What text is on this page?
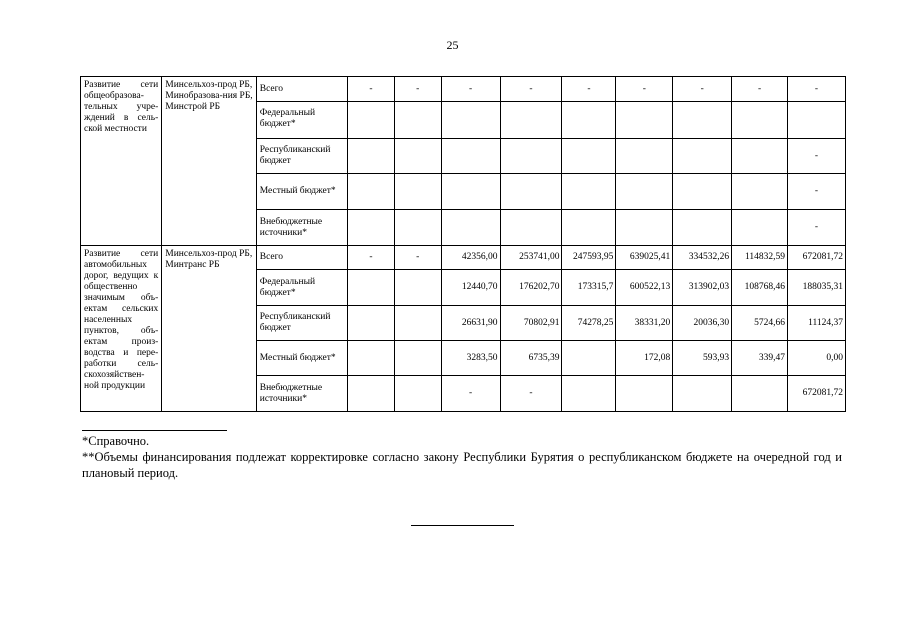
25
Развитие сети общеобразова-тельных учре-ждений в сель-ской местности	Минсельхоз-прод РБ, Минобразова-ния РБ, Минстрой РБ	Всего	-	-	-	-	-	-	-	-	-
		Федеральный бюджет*									
		Республиканский бюджет									-
		Местный бюджет*									-
		Внебюджетные источники*									-
Развитие сети автомобильных дорог, ведущих к общественно значимым объ-ектам сельских населенных пунктов, объ-ектам произ-водства и пере-работки сель-скохозяйствен-ной продукции	Минсельхоз-прод РБ, Минтранс РБ	Всего	-	-	42356,00	253741,00	247593,95	639025,41	334532,26	114832,59	672081,72
		Федеральный бюджет*			12440,70	176202,70	173315,7	600522,13	313902,03	108768,46	188035,31
		Республиканский бюджет			26631,90	70802,91	74278,25	38331,20	20036,30	5724,66	11124,37
		Местный бюджет*			3283,50	6735,39		172,08	593,93	339,47	0,00
		Внебюджетные источники*			-	-					672081,72
*Справочно.
**Объемы финансирования подлежат корректировке согласно закону Республики Бурятия о республиканском бюджете на очередной год и плановый период.
